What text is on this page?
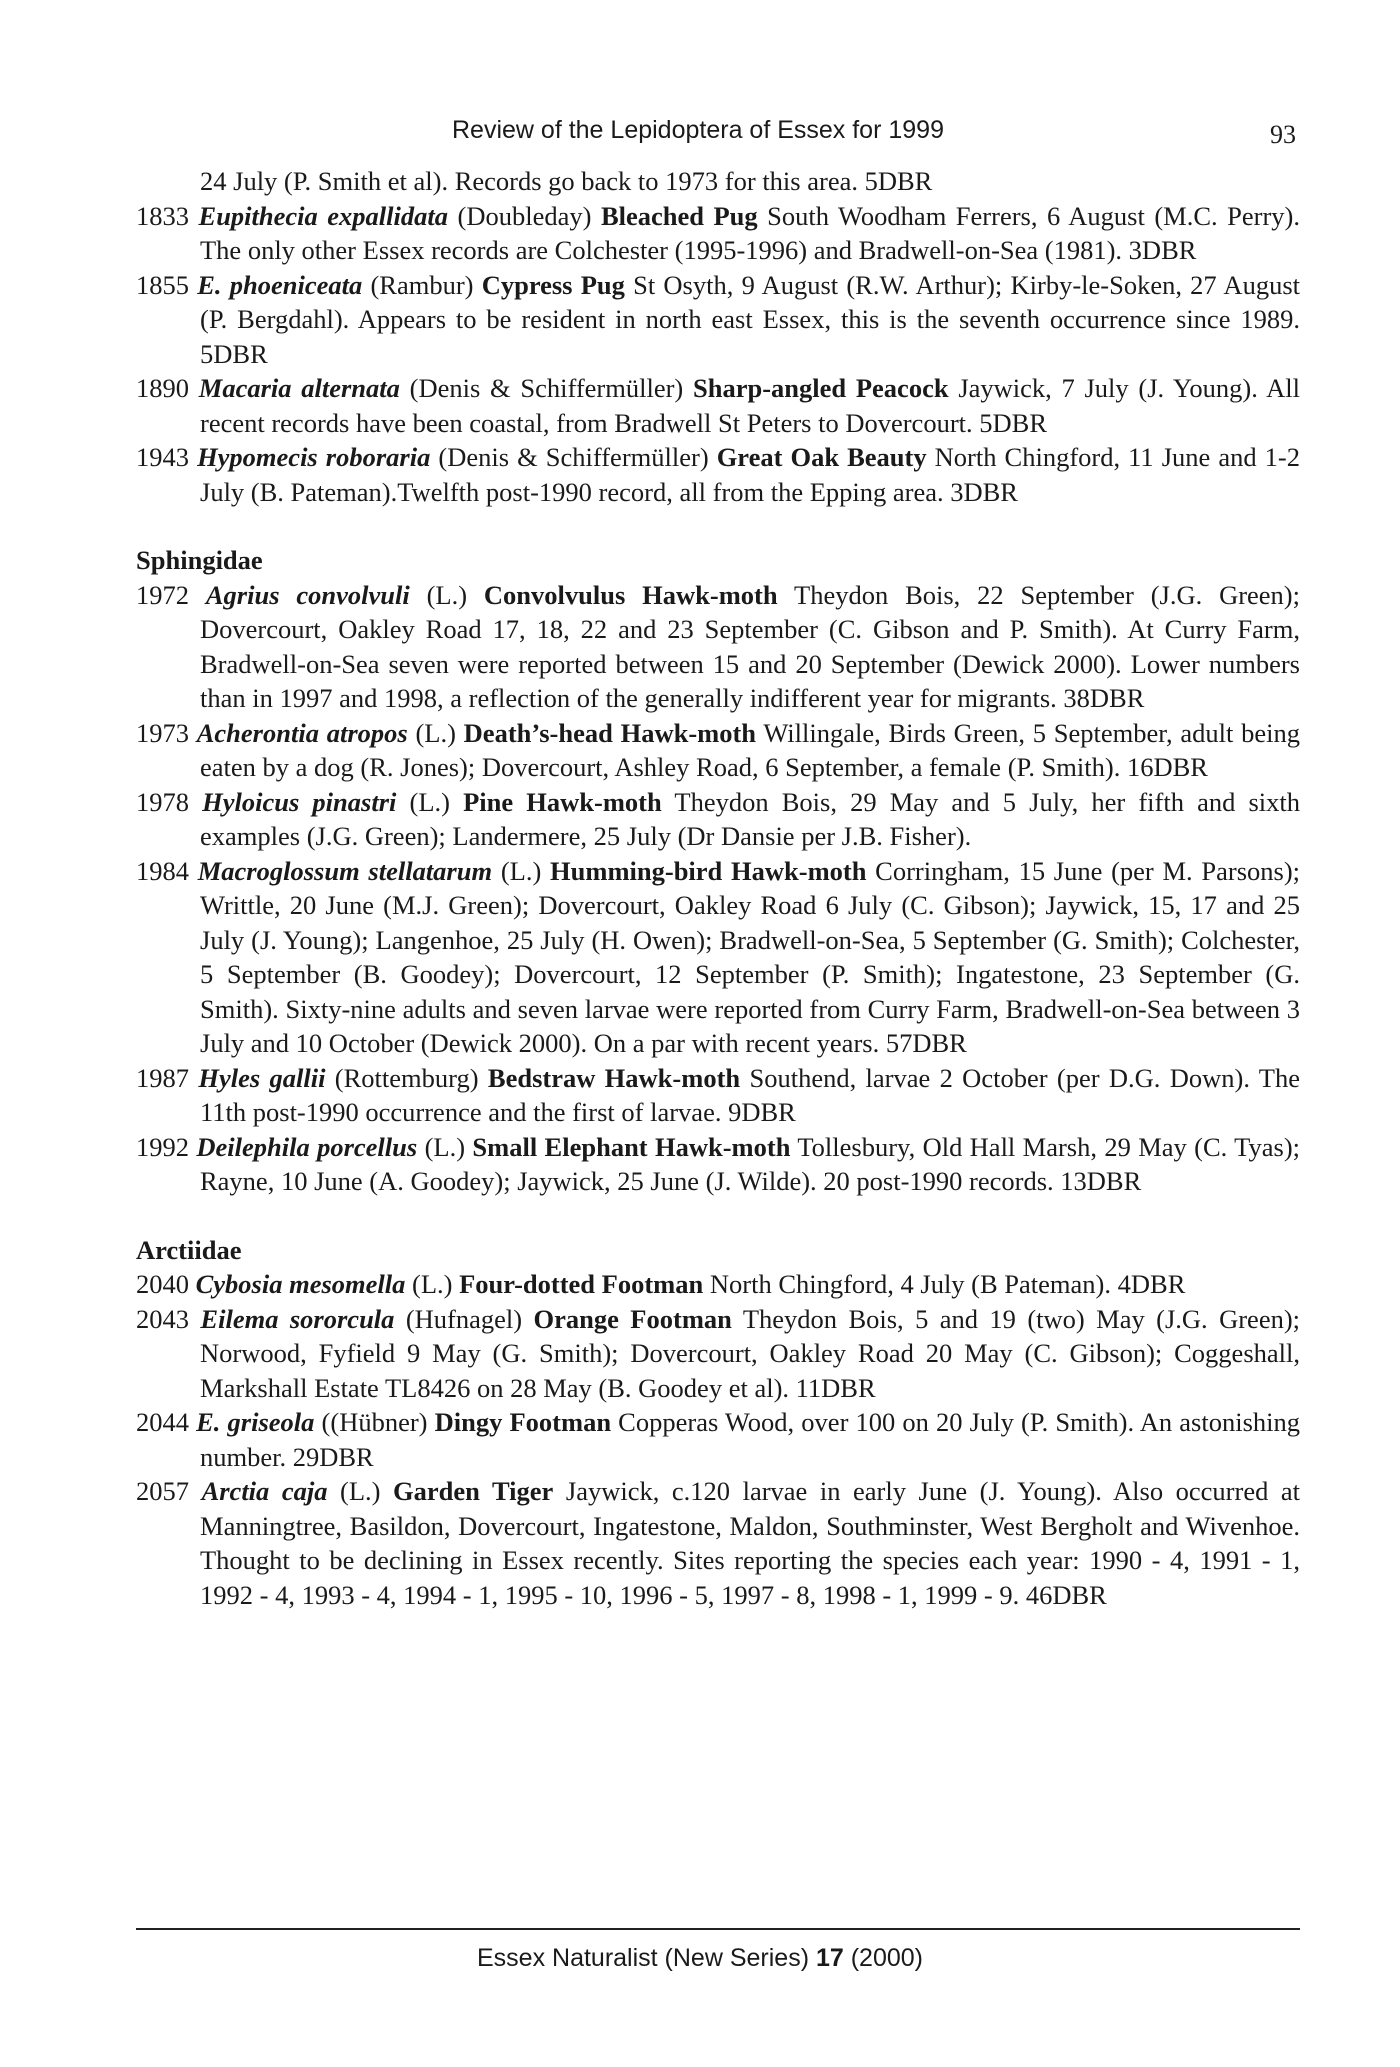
Review of the Lepidoptera of Essex for 1999	93

24 July (P. Smith et al). Records go back to 1973 for this area. 5DBR

1833 Eupithecia expallidata (Doubleday) Bleached Pug South Woodham Ferrers, 6 August (M.C. Perry). The only other Essex records are Colchester (1995-1996) and Bradwell-on-Sea (1981). 3DBR

1855 E. phoeniceata (Rambur) Cypress Pug St Osyth, 9 August (R.W. Arthur); Kirby-le-Soken, 27 August (P. Bergdahl). Appears to be resident in north east Essex, this is the seventh occurrence since 1989. 5DBR

1890 Macaria alternata (Denis & Schiffermüller) Sharp-angled Peacock Jaywick, 7 July (J. Young). All recent records have been coastal, from Bradwell St Peters to Dovercourt. 5DBR

1943 Hypomecis roboraria (Denis & Schiffermüller) Great Oak Beauty North Chingford, 11 June and 1-2 July (B. Pateman).Twelfth post-1990 record, all from the Epping area. 3DBR

Sphingidae

1972 Agrius convolvuli (L.) Convolvulus Hawk-moth Theydon Bois, 22 September (J.G. Green); Dovercourt, Oakley Road 17, 18, 22 and 23 September (C. Gibson and P. Smith). At Curry Farm, Bradwell-on-Sea seven were reported between 15 and 20 September (Dewick 2000). Lower numbers than in 1997 and 1998, a reflection of the generally indifferent year for migrants. 38DBR

1973 Acherontia atropos (L.) Death’s-head Hawk-moth Willingale, Birds Green, 5 September, adult being eaten by a dog (R. Jones); Dovercourt, Ashley Road, 6 September, a female (P. Smith). 16DBR

1978 Hyloicus pinastri (L.) Pine Hawk-moth Theydon Bois, 29 May and 5 July, her fifth and sixth examples (J.G. Green); Landermere, 25 July (Dr Dansie per J.B. Fisher).

1984 Macroglossum stellatarum (L.) Humming-bird Hawk-moth Corringham, 15 June (per M. Parsons); Writtle, 20 June (M.J. Green); Dovercourt, Oakley Road 6 July (C. Gibson); Jaywick, 15, 17 and 25 July (J. Young); Langenhoe, 25 July (H. Owen); Bradwell-on-Sea, 5 September (G. Smith); Colchester, 5 September (B. Goodey); Dovercourt, 12 September (P. Smith); Ingatestone, 23 September (G. Smith). Sixty-nine adults and seven larvae were reported from Curry Farm, Bradwell-on-Sea between 3 July and 10 October (Dewick 2000). On a par with recent years. 57DBR

1987 Hyles gallii (Rottemburg) Bedstraw Hawk-moth Southend, larvae 2 October (per D.G. Down). The 11th post-1990 occurrence and the first of larvae. 9DBR

1992 Deilephila porcellus (L.) Small Elephant Hawk-moth Tollesbury, Old Hall Marsh, 29 May (C. Tyas); Rayne, 10 June (A. Goodey); Jaywick, 25 June (J. Wilde). 20 post-1990 records. 13DBR

Arctiidae

2040 Cybosia mesomella (L.) Four-dotted Footman North Chingford, 4 July (B Pateman). 4DBR

2043 Eilema sororcula (Hufnagel) Orange Footman Theydon Bois, 5 and 19 (two) May (J.G. Green); Norwood, Fyfield 9 May (G. Smith); Dovercourt, Oakley Road 20 May (C. Gibson); Coggeshall, Markshall Estate TL8426 on 28 May (B. Goodey et al). 11DBR

2044 E. griseola ((Hübner) Dingy Footman Copperas Wood, over 100 on 20 July (P. Smith). An astonishing number. 29DBR

2057 Arctia caja (L.) Garden Tiger Jaywick, c.120 larvae in early June (J. Young). Also occurred at Manningtree, Basildon, Dovercourt, Ingatestone, Maldon, Southminster, West Bergholt and Wivenhoe. Thought to be declining in Essex recently. Sites reporting the species each year: 1990 - 4, 1991 - 1, 1992 - 4, 1993 - 4, 1994 - 1, 1995 - 10, 1996 - 5, 1997 - 8, 1998 - 1, 1999 - 9. 46DBR

Essex Naturalist (New Series) 17 (2000)
